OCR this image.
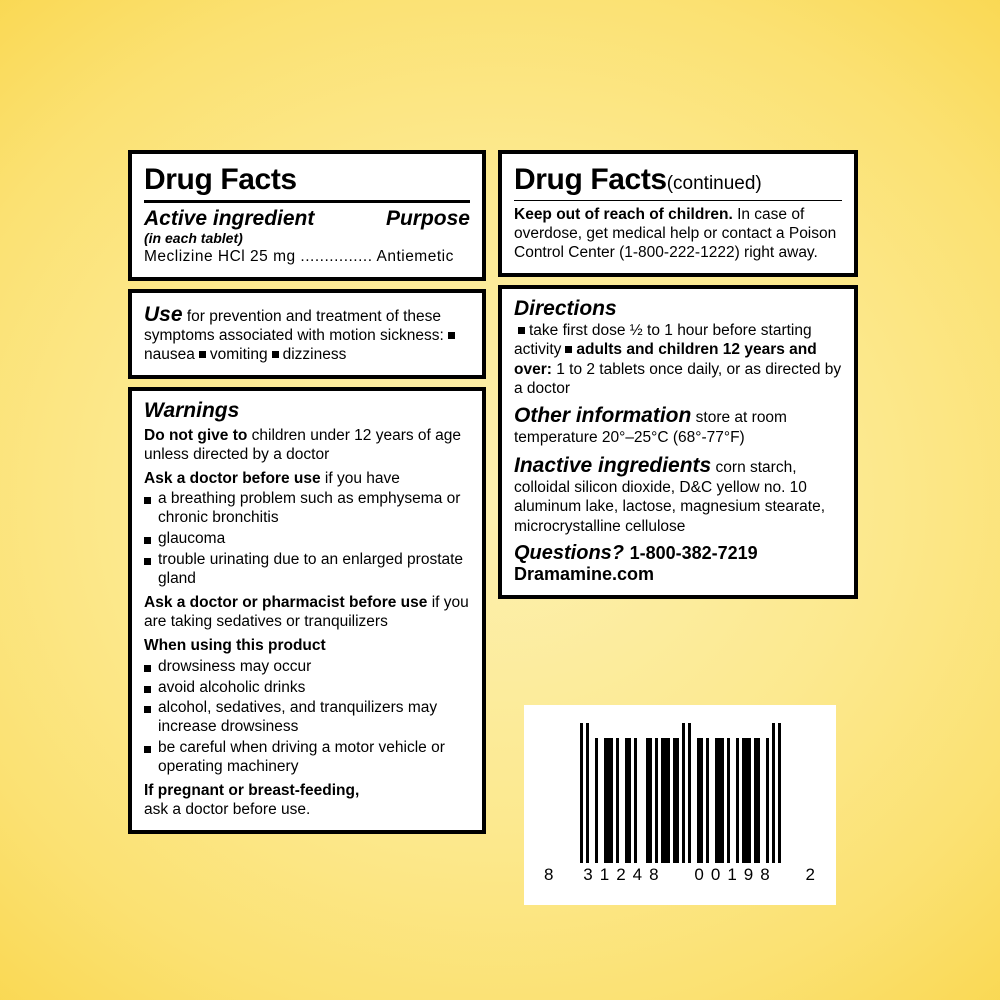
Drug Facts
Active ingredient	Purpose
(in each tablet)
Meclizine HCl 25 mg ............... Antiemetic
Use for prevention and treatment of these symptoms associated with motion sickness:nausea vomiting dizziness
Warnings
Do not give to children under 12 years of age unless directed by a doctor
Ask a doctor before use if you have
a breathing problem such as emphysema or chronic bronchitis
glaucoma
trouble urinating due to an enlarged prostate gland
Ask a doctor or pharmacist before use if you are taking sedatives or tranquilizers
When using this product
drowsiness may occur
avoid alcoholic drinks
alcohol, sedatives, and tranquilizers may increase drowsiness
be careful when driving a motor vehicle or operating machinery
If pregnant or breast-feeding,
ask a doctor before use.
Drug Facts(continued)
Keep out of reach of children. In case of overdose, get medical help or contact a Poison Control Center (1-800-222-1222) right away.
Directions
take first dose ½ to 1 hour before starting activity adults and children 12 years and over: 1 to 2 tablets once daily, or as directed by a doctor
Other information store at room temperature 20°–25°C (68°-77°F)
Inactive ingredients corn starch, colloidal silicon dioxide, D&C yellow no. 10 aluminum lake, lactose, magnesium stearate, microcrystalline cellulose
Questions? 1-800-382-7219
Dramamine.com
8 31248 00198 2
